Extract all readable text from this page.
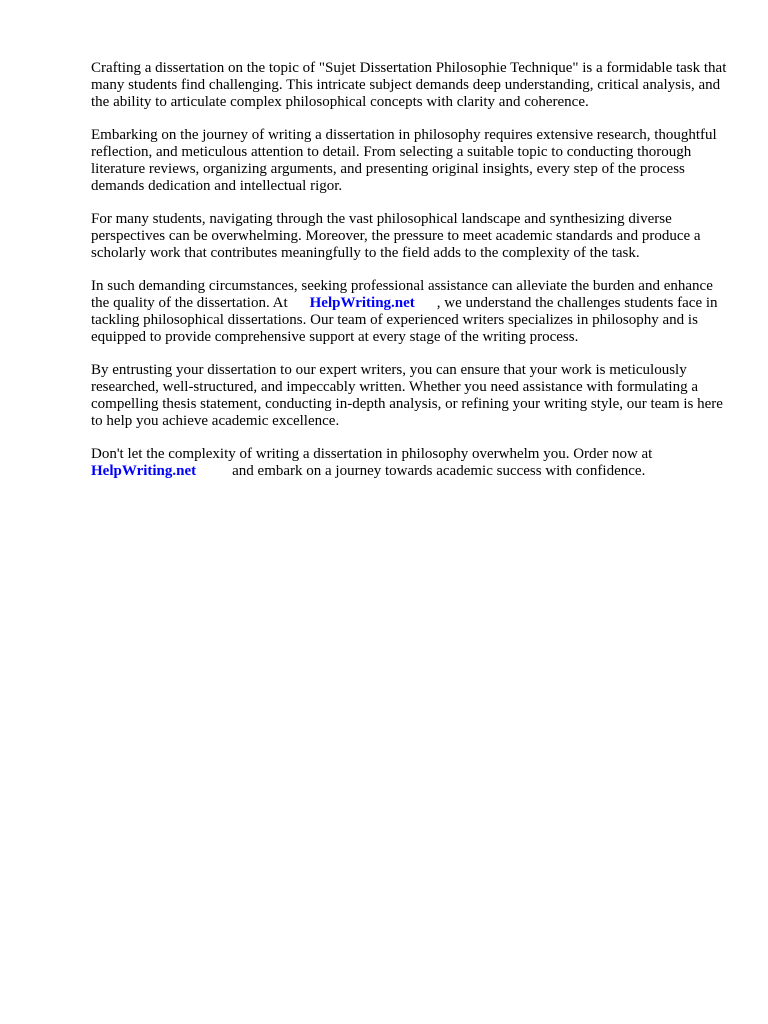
Crafting a dissertation on the topic of "Sujet Dissertation Philosophie Technique" is a formidable task that many students find challenging. This intricate subject demands deep understanding, critical analysis, and the ability to articulate complex philosophical concepts with clarity and coherence.

Embarking on the journey of writing a dissertation in philosophy requires extensive research, thoughtful reflection, and meticulous attention to detail. From selecting a suitable topic to conducting thorough literature reviews, organizing arguments, and presenting original insights, every step of the process demands dedication and intellectual rigor.

For many students, navigating through the vast philosophical landscape and synthesizing diverse perspectives can be overwhelming. Moreover, the pressure to meet academic standards and produce a scholarly work that contributes meaningfully to the field adds to the complexity of the task.

In such demanding circumstances, seeking professional assistance can alleviate the burden and enhance the quality of the dissertation. At HelpWriting.net , we understand the challenges students face in tackling philosophical dissertations. Our team of experienced writers specializes in philosophy and is equipped to provide comprehensive support at every stage of the writing process.

By entrusting your dissertation to our expert writers, you can ensure that your work is meticulously researched, well-structured, and impeccably written. Whether you need assistance with formulating a compelling thesis statement, conducting in-depth analysis, or refining your writing style, our team is here to help you achieve academic excellence.

Don't let the complexity of writing a dissertation in philosophy overwhelm you. Order now at
HelpWriting.net and embark on a journey towards academic success with confidence.
